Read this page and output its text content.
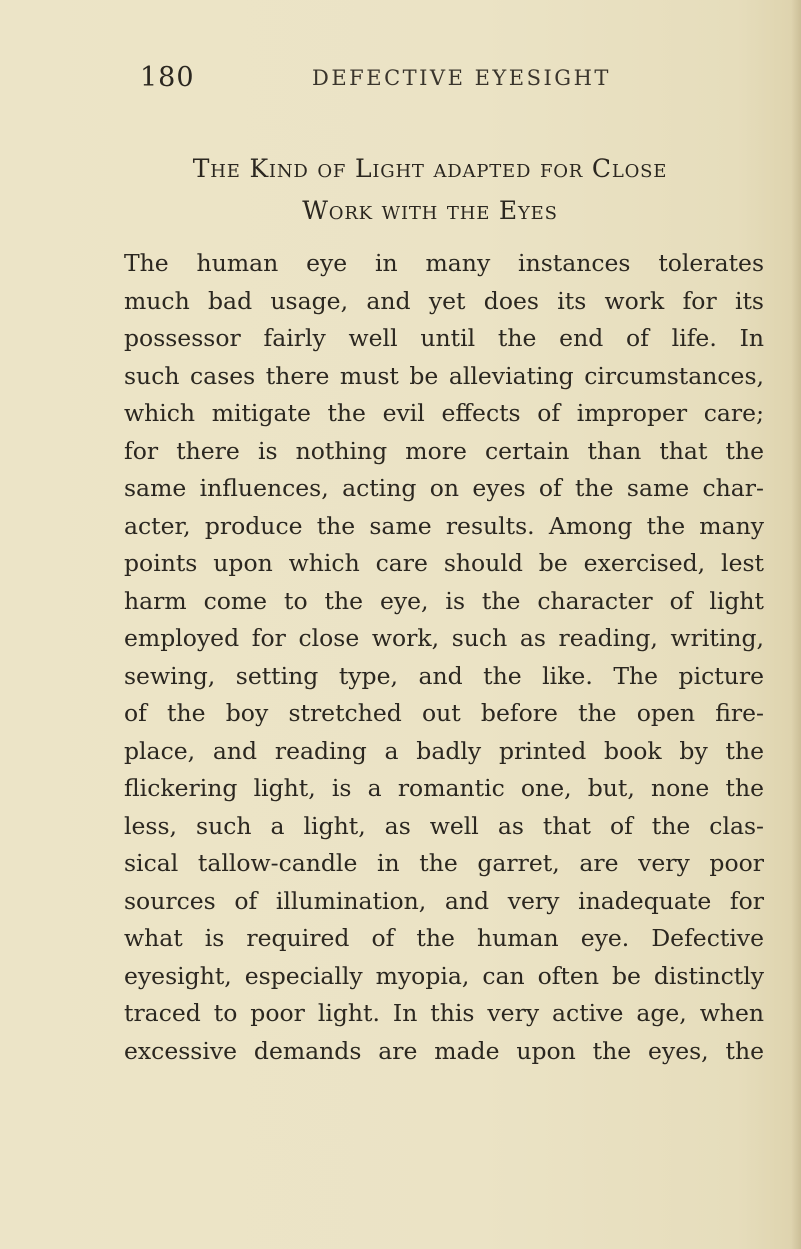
180	DEFECTIVE EYESIGHT
The Kind of Light adapted for Close
Work with the Eyes
The human eye in many instances tolerates
much bad usage, and yet does its work for its
possessor fairly well until the end of life. In
such cases there must be alleviating circumstances,
which mitigate the evil effects of improper care;
for there is nothing more certain than that the
same influences, acting on eyes of the same char-
acter, produce the same results. Among the many
points upon which care should be exercised, lest
harm come to the eye, is the character of light
employed for close work, such as reading, writing,
sewing, setting type, and the like. The picture
of the boy stretched out before the open fire-
place, and reading a badly printed book by the
flickering light, is a romantic one, but, none the
less, such a light, as well as that of the clas-
sical tallow-candle in the garret, are very poor
sources of illumination, and very inadequate for
what is required of the human eye. Defective
eyesight, especially myopia, can often be distinctly
traced to poor light. In this very active age, when
excessive demands are made upon the eyes, the
